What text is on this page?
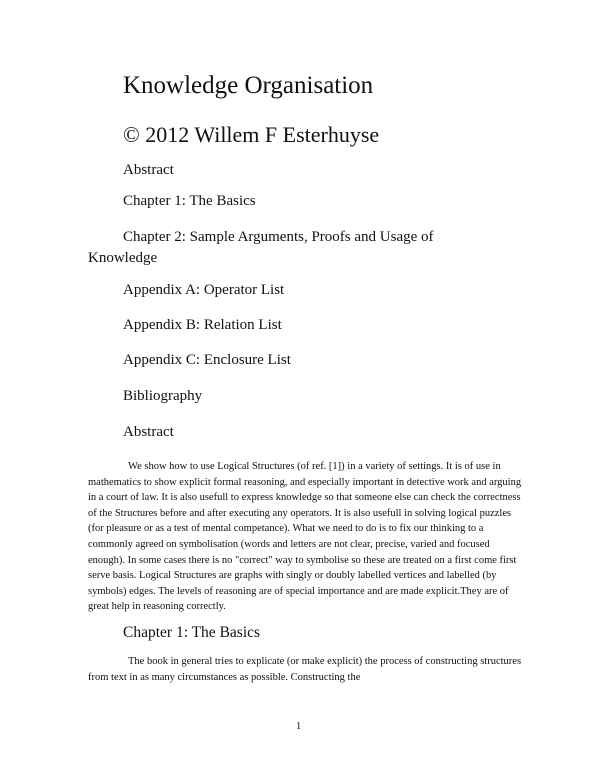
Knowledge Organisation
© 2012 Willem F Esterhuyse
Abstract
Chapter 1: The Basics
Chapter 2: Sample Arguments, Proofs and Usage of Knowledge
Appendix A: Operator List
Appendix B: Relation List
Appendix C: Enclosure List
Bibliography
Abstract

We show how to use Logical Structures (of ref. [1]) in a variety of settings. It is of use in mathematics to show explicit formal reasoning, and especially important in detective work and arguing in a court of law. It is also usefull to express knowledge so that someone else can check the correctness of the Structures before and after executing any operators. It is also usefull in solving logical puzzles (for pleasure or as a test of mental competance). What we need to do is to fix our thinking to a commonly agreed on symbolisation (words and letters are not clear, precise, varied and focused enough). In some cases there is no "correct" way to symbolise so these are treated on a first come first serve basis. Logical Structures are graphs with singly or doubly labelled vertices and labelled (by symbols) edges. The levels of reasoning are of special importance and are made explicit.They are of great help in reasoning correctly.

Chapter 1: The Basics

The book in general tries to explicate (or make explicit) the process of constructing structures from text in as many circumstances as possible. Constructing the

1
